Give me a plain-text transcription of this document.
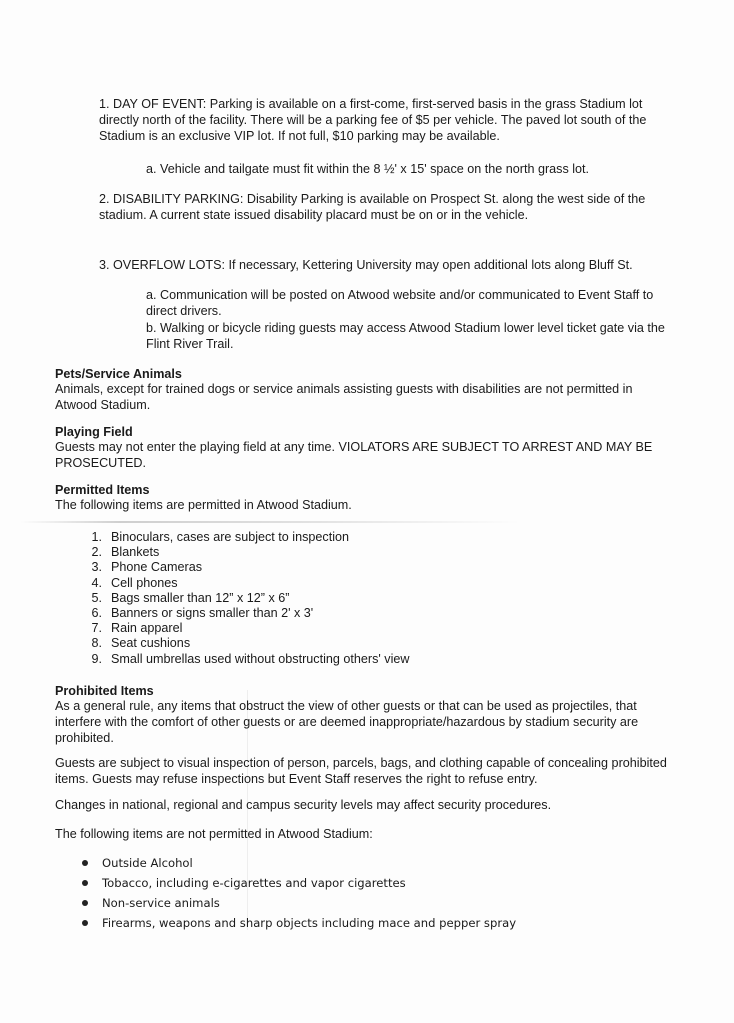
1. DAY OF EVENT: Parking is available on a first-come, first-served basis in the grass Stadium lot directly north of the facility. There will be a parking fee of $5 per vehicle. The paved lot south of the Stadium is an exclusive VIP lot. If not full, $10 parking may be available.

a. Vehicle and tailgate must fit within the 8 ½' x 15' space on the north grass lot.

2. DISABILITY PARKING: Disability Parking is available on Prospect St. along the west side of the stadium. A current state issued disability placard must be on or in the vehicle.

3. OVERFLOW LOTS: If necessary, Kettering University may open additional lots along Bluff St.

a. Communication will be posted on Atwood website and/or communicated to Event Staff to direct drivers.

b. Walking or bicycle riding guests may access Atwood Stadium lower level ticket gate via the Flint River Trail.

Pets/Service Animals

Animals, except for trained dogs or service animals assisting guests with disabilities are not permitted in Atwood Stadium.

Playing Field

Guests may not enter the playing field at any time. VIOLATORS ARE SUBJECT TO ARREST AND MAY BE PROSECUTED.

Permitted Items

The following items are permitted in Atwood Stadium.

1. Binoculars, cases are subject to inspection
2. Blankets
3. Phone Cameras
4. Cell phones
5. Bags smaller than 12” x 12” x 6”
6. Banners or signs smaller than 2' x 3'
7. Rain apparel
8. Seat cushions
9. Small umbrellas used without obstructing others' view

Prohibited Items

As a general rule, any items that obstruct the view of other guests or that can be used as projectiles, that interfere with the comfort of other guests or are deemed inappropriate/hazardous by stadium security are prohibited.

Guests are subject to visual inspection of person, parcels, bags, and clothing capable of concealing prohibited items. Guests may refuse inspections but Event Staff reserves the right to refuse entry.

Changes in national, regional and campus security levels may affect security procedures.

The following items are not permitted in Atwood Stadium:

Outside Alcohol
Tobacco, including e-cigarettes and vapor cigarettes
Non-service animals
Firearms, weapons and sharp objects including mace and pepper spray
